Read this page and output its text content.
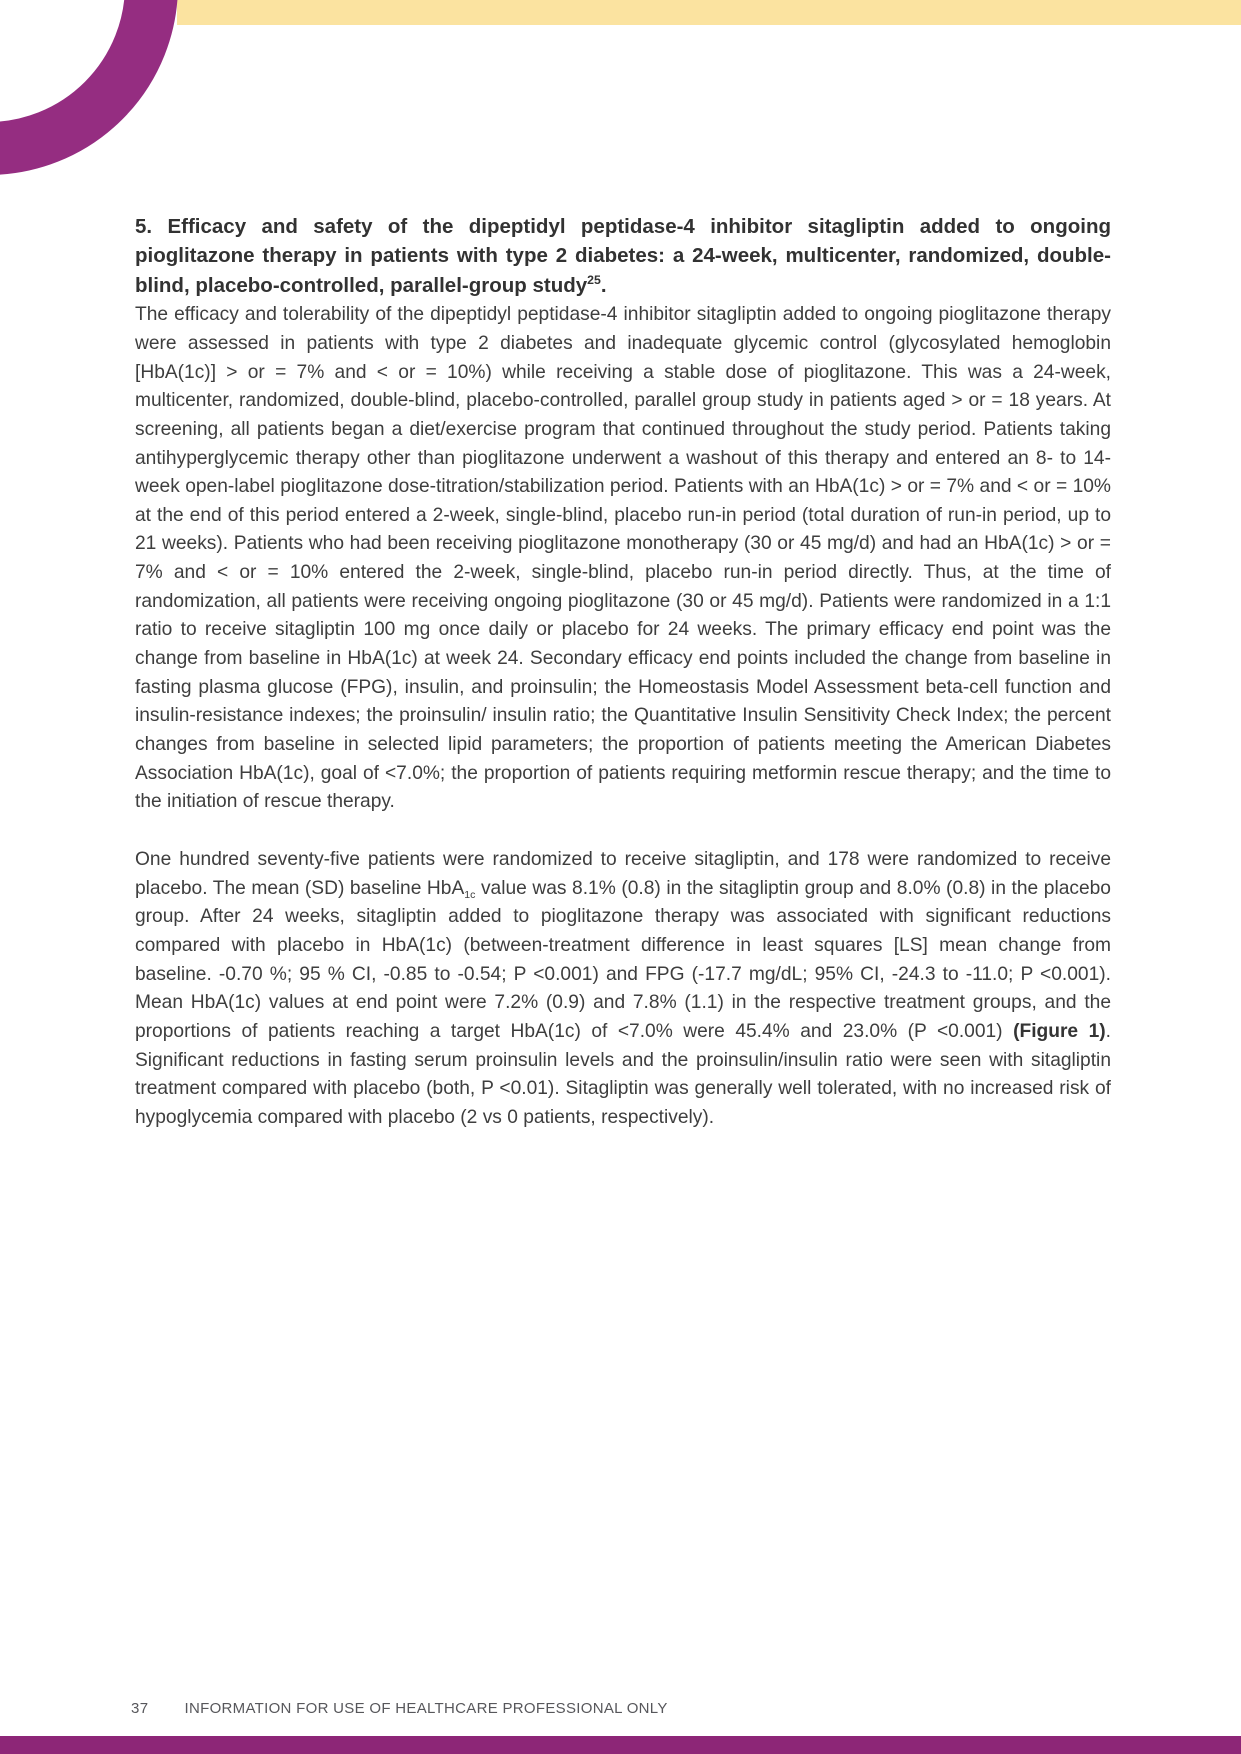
5. Efficacy and safety of the dipeptidyl peptidase-4 inhibitor sitagliptin added to ongoing pioglitazone therapy in patients with type 2 diabetes: a 24-week, multicenter, randomized, double-blind, placebo-controlled, parallel-group study$^{25}$.

The efficacy and tolerability of the dipeptidyl peptidase-4 inhibitor sitagliptin added to ongoing pioglitazone therapy were assessed in patients with type 2 diabetes and inadequate glycemic control (glycosylated hemoglobin [HbA(1c)] > or = 7% and < or = 10%) while receiving a stable dose of pioglitazone. This was a 24-week, multicenter, randomized, double-blind, placebo-controlled, parallel group study in patients aged > or = 18 years. At screening, all patients began a diet/exercise program that continued throughout the study period. Patients taking antihyperglycemic therapy other than pioglitazone underwent a washout of this therapy and entered an 8- to 14-week open-label pioglitazone dose-titration/stabilization period. Patients with an HbA(1c) > or = 7% and < or = 10% at the end of this period entered a 2-week, single-blind, placebo run-in period (total duration of run-in period, up to 21 weeks). Patients who had been receiving pioglitazone monotherapy (30 or 45 mg/d) and had an HbA(1c) > or = 7% and < or = 10% entered the 2-week, single-blind, placebo run-in period directly. Thus, at the time of randomization, all patients were receiving ongoing pioglitazone (30 or 45 mg/d). Patients were randomized in a 1:1 ratio to receive sitagliptin 100 mg once daily or placebo for 24 weeks. The primary efficacy end point was the change from baseline in HbA(1c) at week 24. Secondary efficacy end points included the change from baseline in fasting plasma glucose (FPG), insulin, and proinsulin; the Homeostasis Model Assessment beta-cell function and insulin-resistance indexes; the proinsulin/ insulin ratio; the Quantitative Insulin Sensitivity Check Index; the percent changes from baseline in selected lipid parameters; the proportion of patients meeting the American Diabetes Association HbA(1c), goal of <7.0%; the proportion of patients requiring metformin rescue therapy; and the time to the initiation of rescue therapy.

One hundred seventy-five patients were randomized to receive sitagliptin, and 178 were randomized to receive placebo. The mean (SD) baseline HbA$_{1c}$ value was 8.1% (0.8) in the sitagliptin group and 8.0% (0.8) in the placebo group. After 24 weeks, sitagliptin added to pioglitazone therapy was associated with significant reductions compared with placebo in HbA(1c) (between-treatment difference in least squares [LS] mean change from baseline. -0.70 %; 95 % CI, -0.85 to -0.54; P <0.001) and FPG (-17.7 mg/dL; 95% CI, -24.3 to -11.0; P <0.001). Mean HbA(1c) values at end point were 7.2% (0.9) and 7.8% (1.1) in the respective treatment groups, and the proportions of patients reaching a target HbA(1c) of <7.0% were 45.4% and 23.0% (P <0.001) (Figure 1). Significant reductions in fasting serum proinsulin levels and the proinsulin/insulin ratio were seen with sitagliptin treatment compared with placebo (both, P <0.01). Sitagliptin was generally well tolerated, with no increased risk of hypoglycemia compared with placebo (2 vs 0 patients, respectively).

37 INFORMATION FOR USE OF HEALTHCARE PROFESSIONAL ONLY
